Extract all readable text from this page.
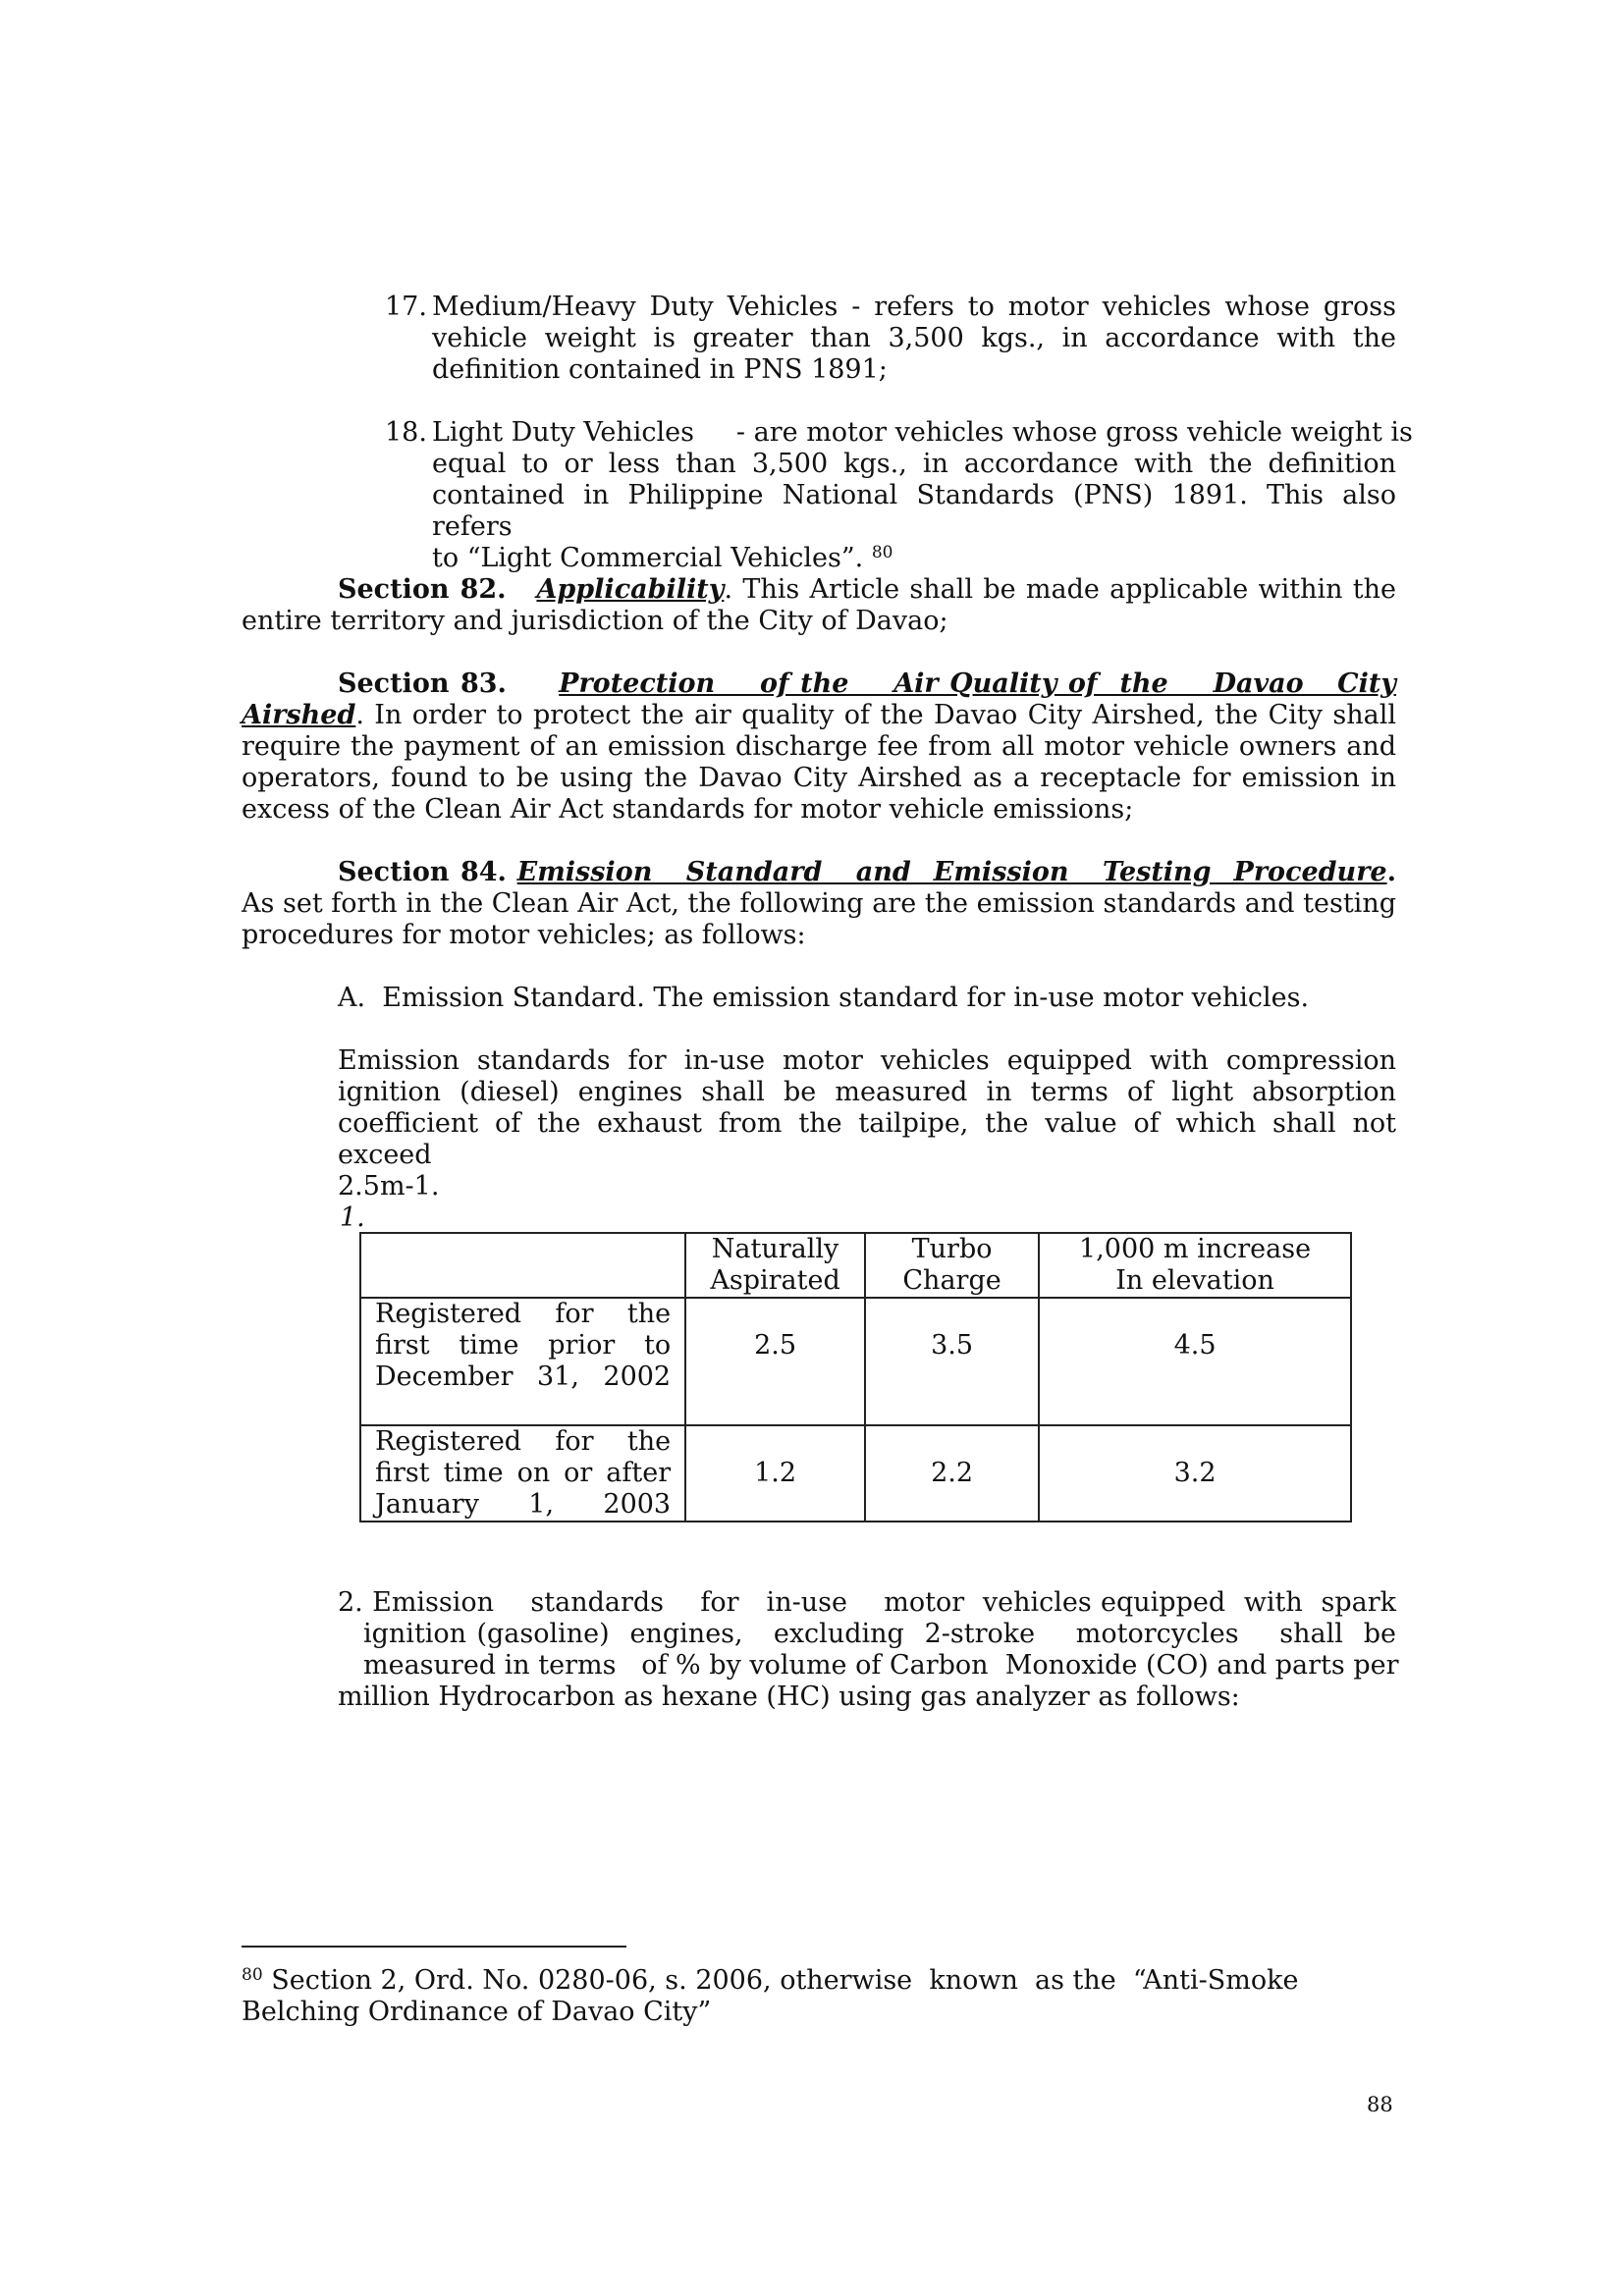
17. Medium/Heavy Duty Vehicles - refers to motor vehicles whose gross
vehicle weight is greater than 3,500 kgs., in accordance with the
definition contained in PNS 1891;
18. Light Duty Vehicles     - are motor vehicles whose gross vehicle weight is
equal to or less than 3,500 kgs., in accordance with the definition
contained in Philippine National Standards (PNS) 1891. This also refers
to “Light Commercial Vehicles”. $^{80}$
Section 82. Applicability. This Article shall be made applicable within the
entire territory and jurisdiction of the City of Davao;
Section 83. Protection    of the    Air Quality of  the    Davao   City
Airshed. In order to protect the air quality of the Davao City Airshed, the City shall
require the payment of an emission discharge fee from all motor vehicle owners and
operators, found to be using the Davao City Airshed as a receptacle for emission in
excess of the Clean Air Act standards for motor vehicle emissions;
Section 84. Emission   Standard   and  Emission   Testing  Procedure.
As set forth in the Clean Air Act, the following are the emission standards and testing
procedures for motor vehicles; as follows:
A. Emission Standard. The emission standard for in-use motor vehicles.
Emission standards for in-use motor vehicles equipped with compression
ignition (diesel) engines shall be measured in terms of light absorption
coefficient of the exhaust from the tailpipe, the value of which shall not exceed
2.5m-1.
1.

	Naturally
Aspirated	Turbo
Charge	1,000 m increase
In elevation

Registered    for    the
first   time   prior   to
December 31, 2002	2.5	3.5	4.5

Registered    for    the
first time on or after
January 1, 2003	1.2	2.2	3.2
2. Emission    standards    for   in-use    motor  vehicles equipped  with  spark
ignition (gasoline)  engines,   excluding  2-stroke    motorcycles    shall  be
measured in terms   of % by volume of Carbon  Monoxide (CO) and parts per
million Hydrocarbon as hexane (HC) using gas analyzer as follows:
$^{80}$ Section 2, Ord. No. 0280-06, s. 2006, otherwise  known  as the  “Anti-Smoke
Belching Ordinance of Davao City”
88
